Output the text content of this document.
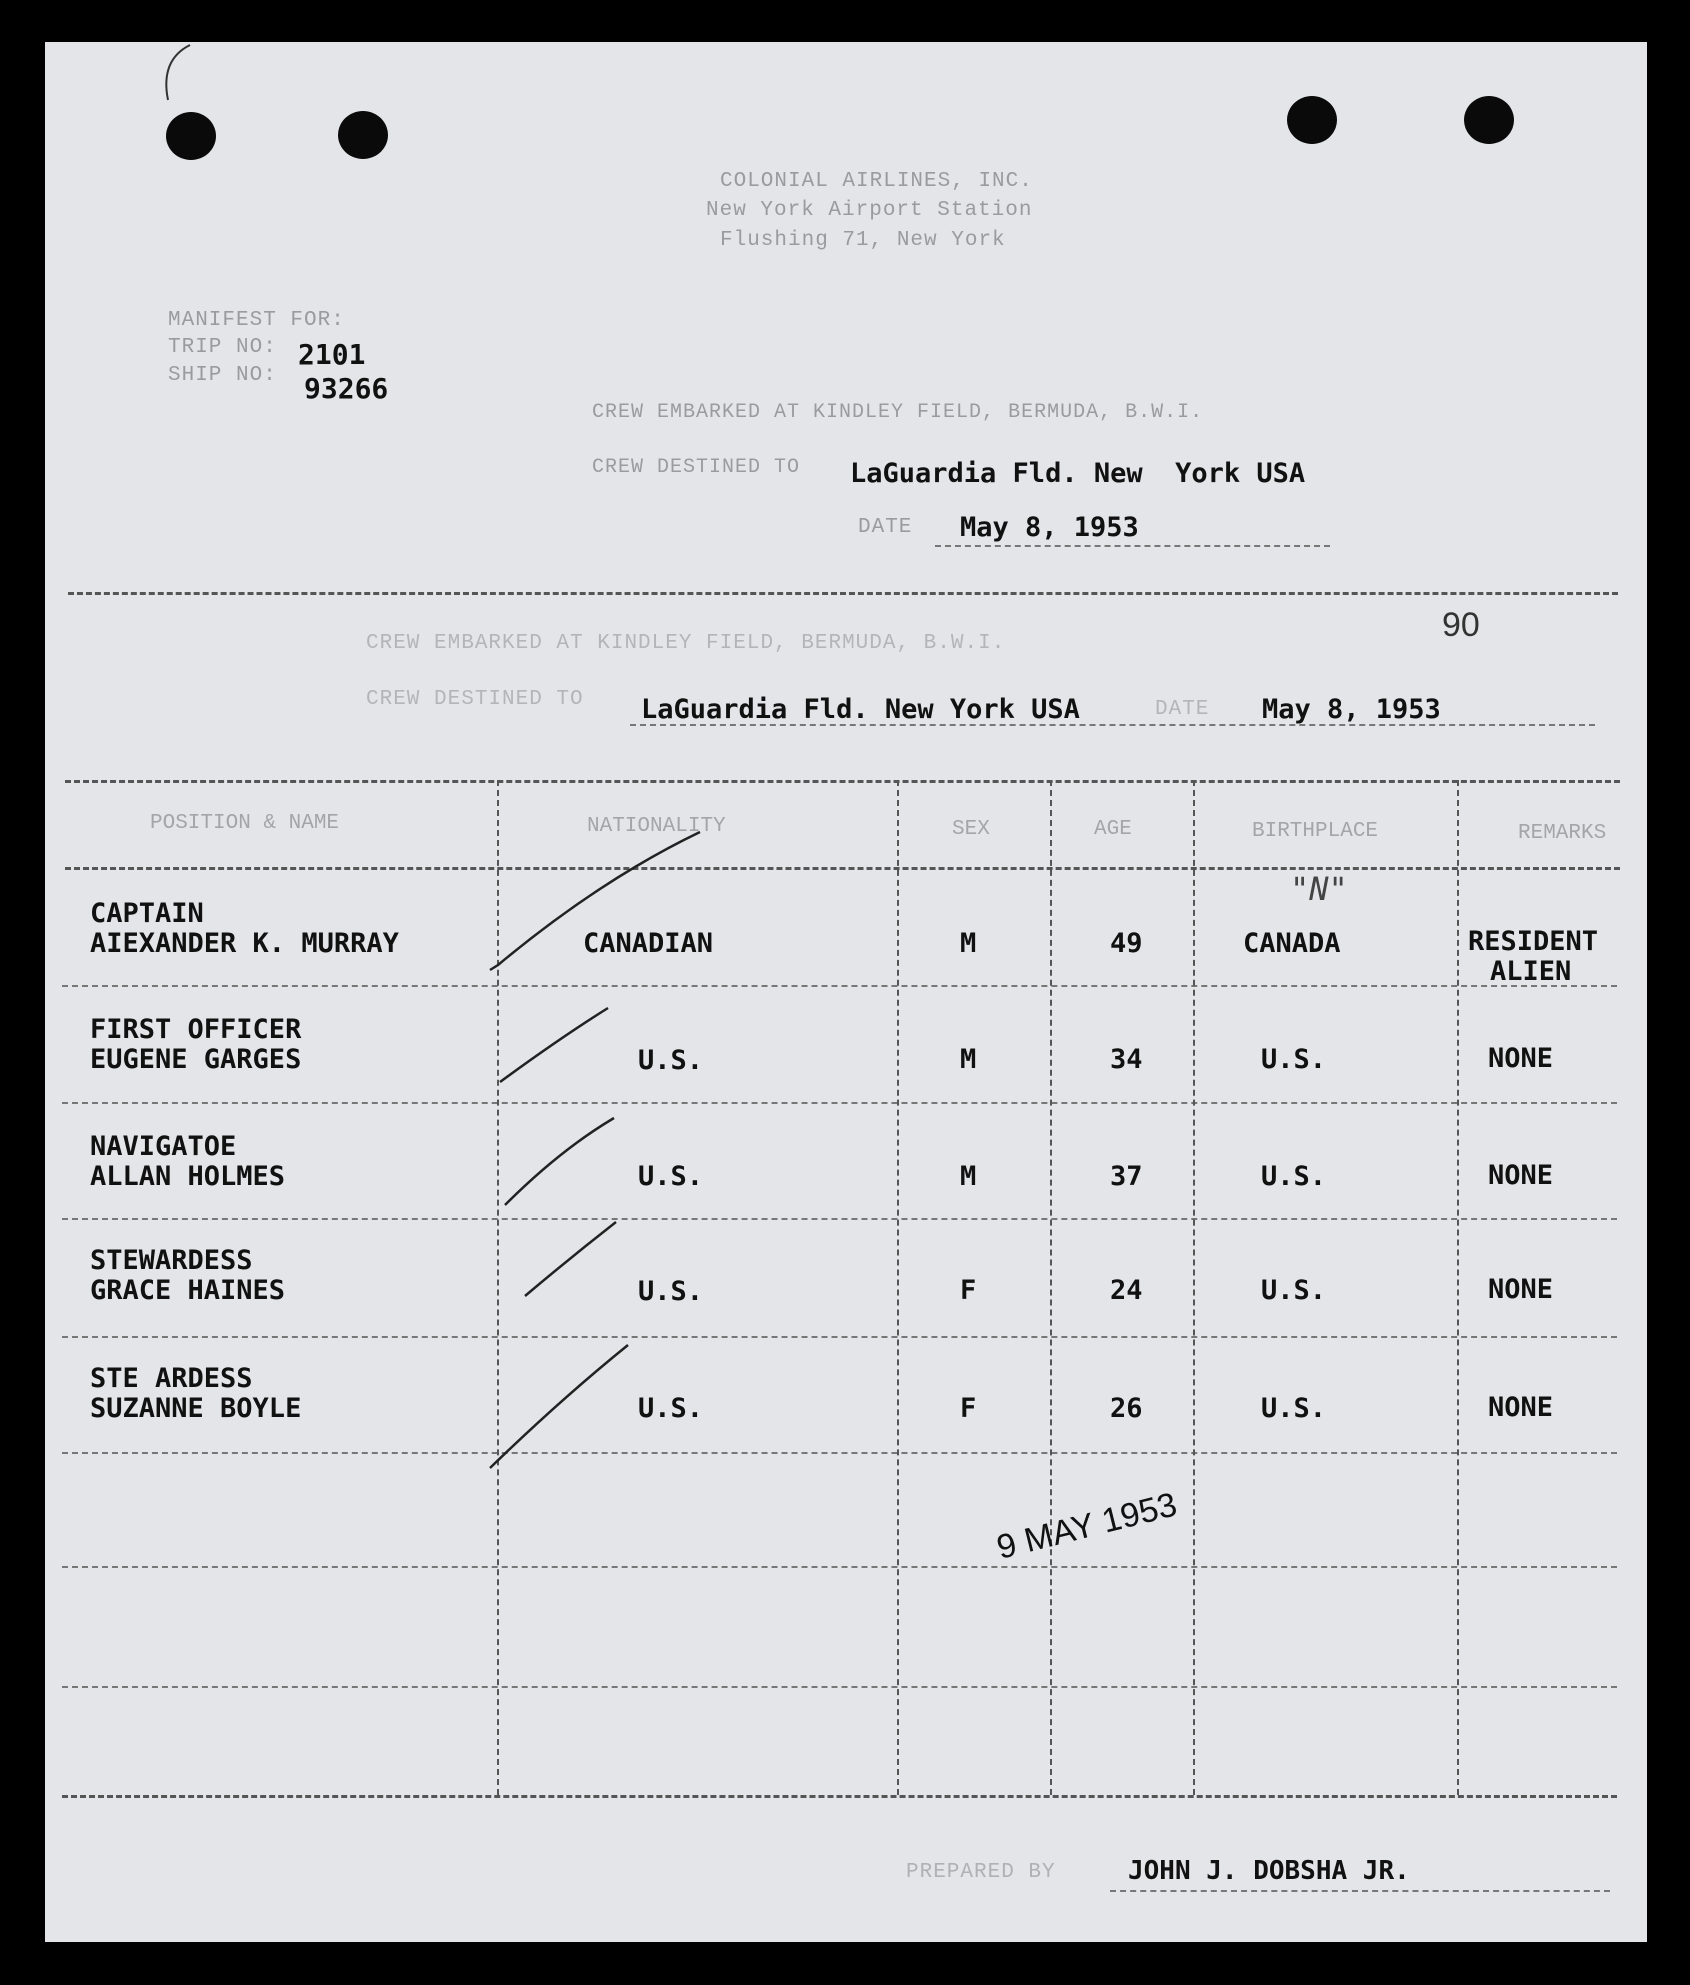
COLONIAL AIRLINES, INC.
New York Airport Station
Flushing 71, New York
MANIFEST FOR:
TRIP NO: 2101
SHIP NO: 93266
CREW EMBARKED AT KINDLEY FIELD, BERMUDA, B.W.I.
CREW DESTINED TO LaGuardia Fld. New  York USA
DATE May 8, 1953
90
CREW EMBARKED AT KINDLEY FIELD, BERMUDA, B.W.I.
CREW DESTINED TO LaGuardia Fld. New York USA	DATE May 8, 1953
POSITION & NAME	NATIONALITY	SEX	AGE	BIRTHPLACE	REMARKS
CAPTAIN
AIEXANDER K. MURRAY	CANADIAN	M	49	CANADA	RESIDENT
ALIEN
FIRST OFFICER
EUGENE GARGES	U.S.	M	34	U.S.	NONE
NAVIGATOE
ALLAN HOLMES	U.S.	M	37	U.S.	NONE
STEWARDESS
GRACE HAINES	U.S.	F	24	U.S.	NONE
STE ARDESS
SUZANNE BOYLE	U.S.	F	26	U.S.	NONE
"N"
9 MAY 1953
PREPARED BY	JOHN J. DOBSHA JR.
